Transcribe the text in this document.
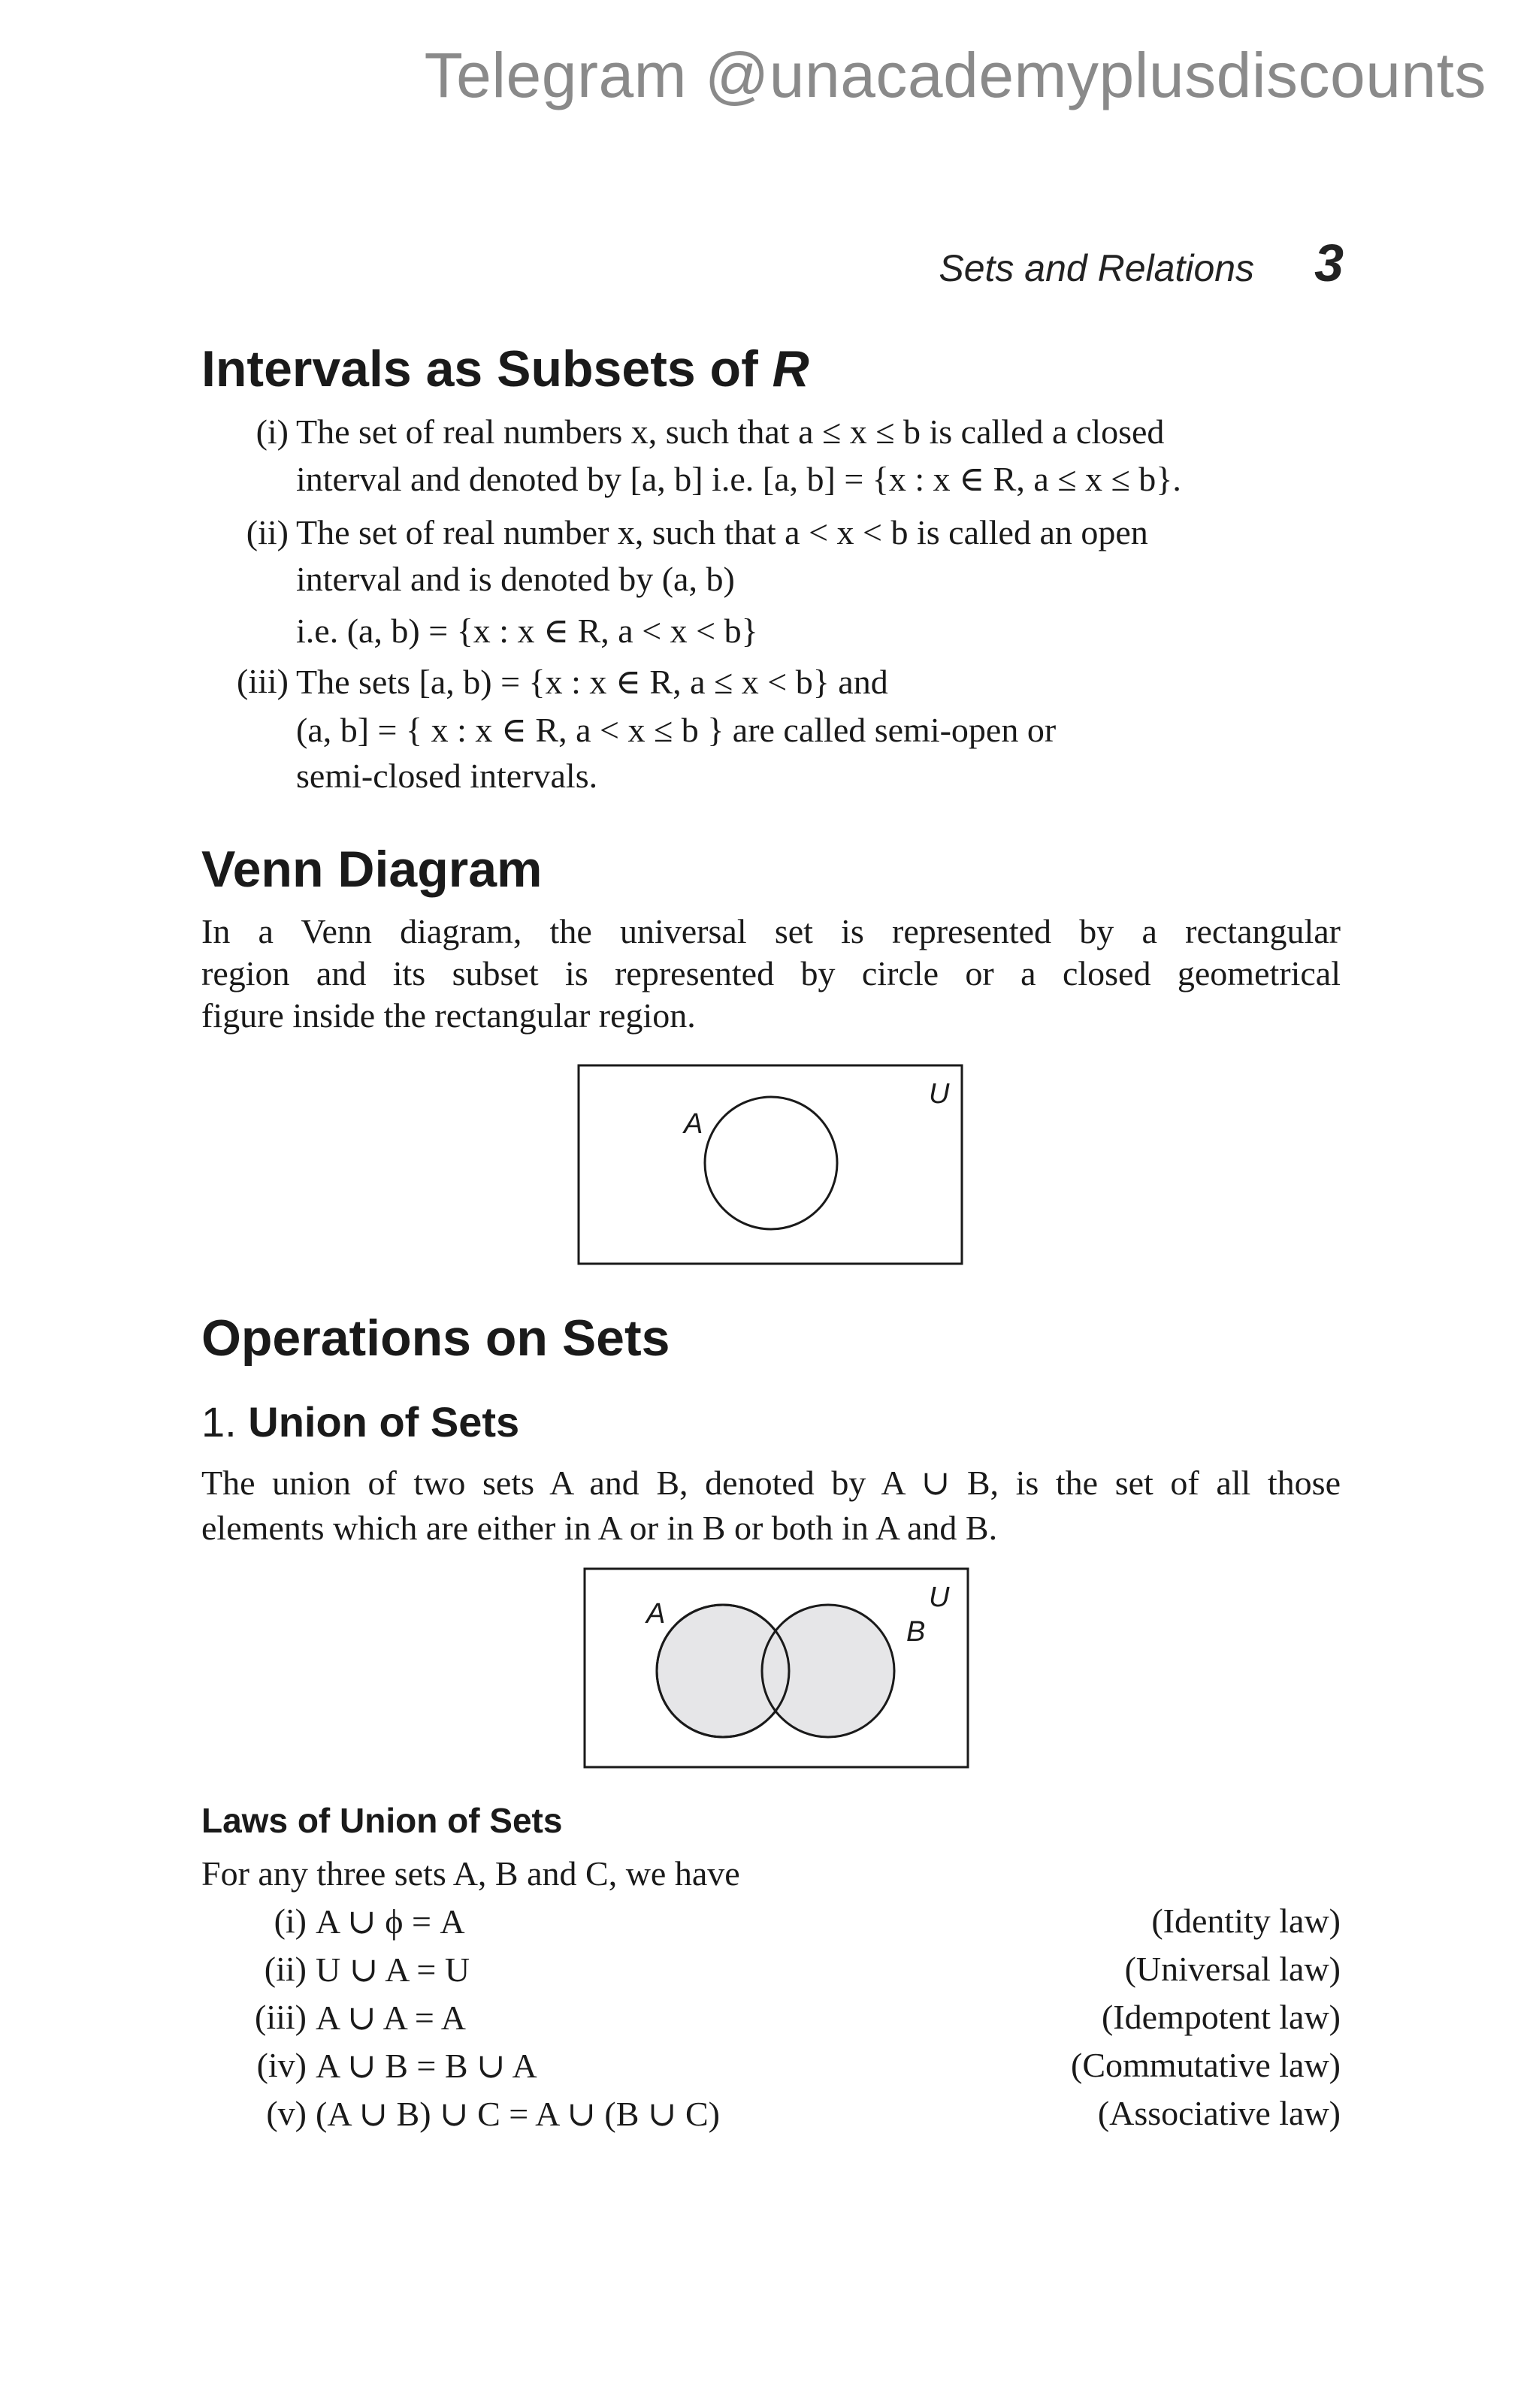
Telegram @unacademyplusdiscounts
Sets and Relations 3
Intervals as Subsets of R
(i) The set of real numbers x, such that a ≤ x ≤ b is called a closed
interval and denoted by [a, b] i.e. [a, b] = {x : x ∈ R, a ≤ x ≤ b}.
(ii) The set of real number x, such that a < x < b is called an open
interval and is denoted by (a, b)
i.e. (a, b) = {x : x ∈ R, a < x < b}
(iii) The sets [a, b) = {x : x ∈ R, a ≤ x < b} and
(a, b] = { x : x ∈ R, a < x ≤ b } are called semi-open or
semi-closed intervals.
Venn Diagram
In a Venn diagram, the universal set is represented by a rectangular
region and its subset is represented by circle or a closed geometrical
figure inside the rectangular region.
A
U
Operations on Sets
1. Union of Sets
The union of two sets A and B, denoted by A ∪ B, is the set of all those
elements which are either in A or in B or both in A and B.
A
B
U
Laws of Union of Sets
For any three sets A, B and C, we have
(i) A ∪ ϕ = A	(Identity law)
(ii) U ∪ A = U	(Universal law)
(iii) A ∪ A = A	(Idempotent law)
(iv) A ∪ B = B ∪ A	(Commutative law)
(v) (A ∪ B) ∪ C = A ∪ (B ∪ C)	(Associative law)
